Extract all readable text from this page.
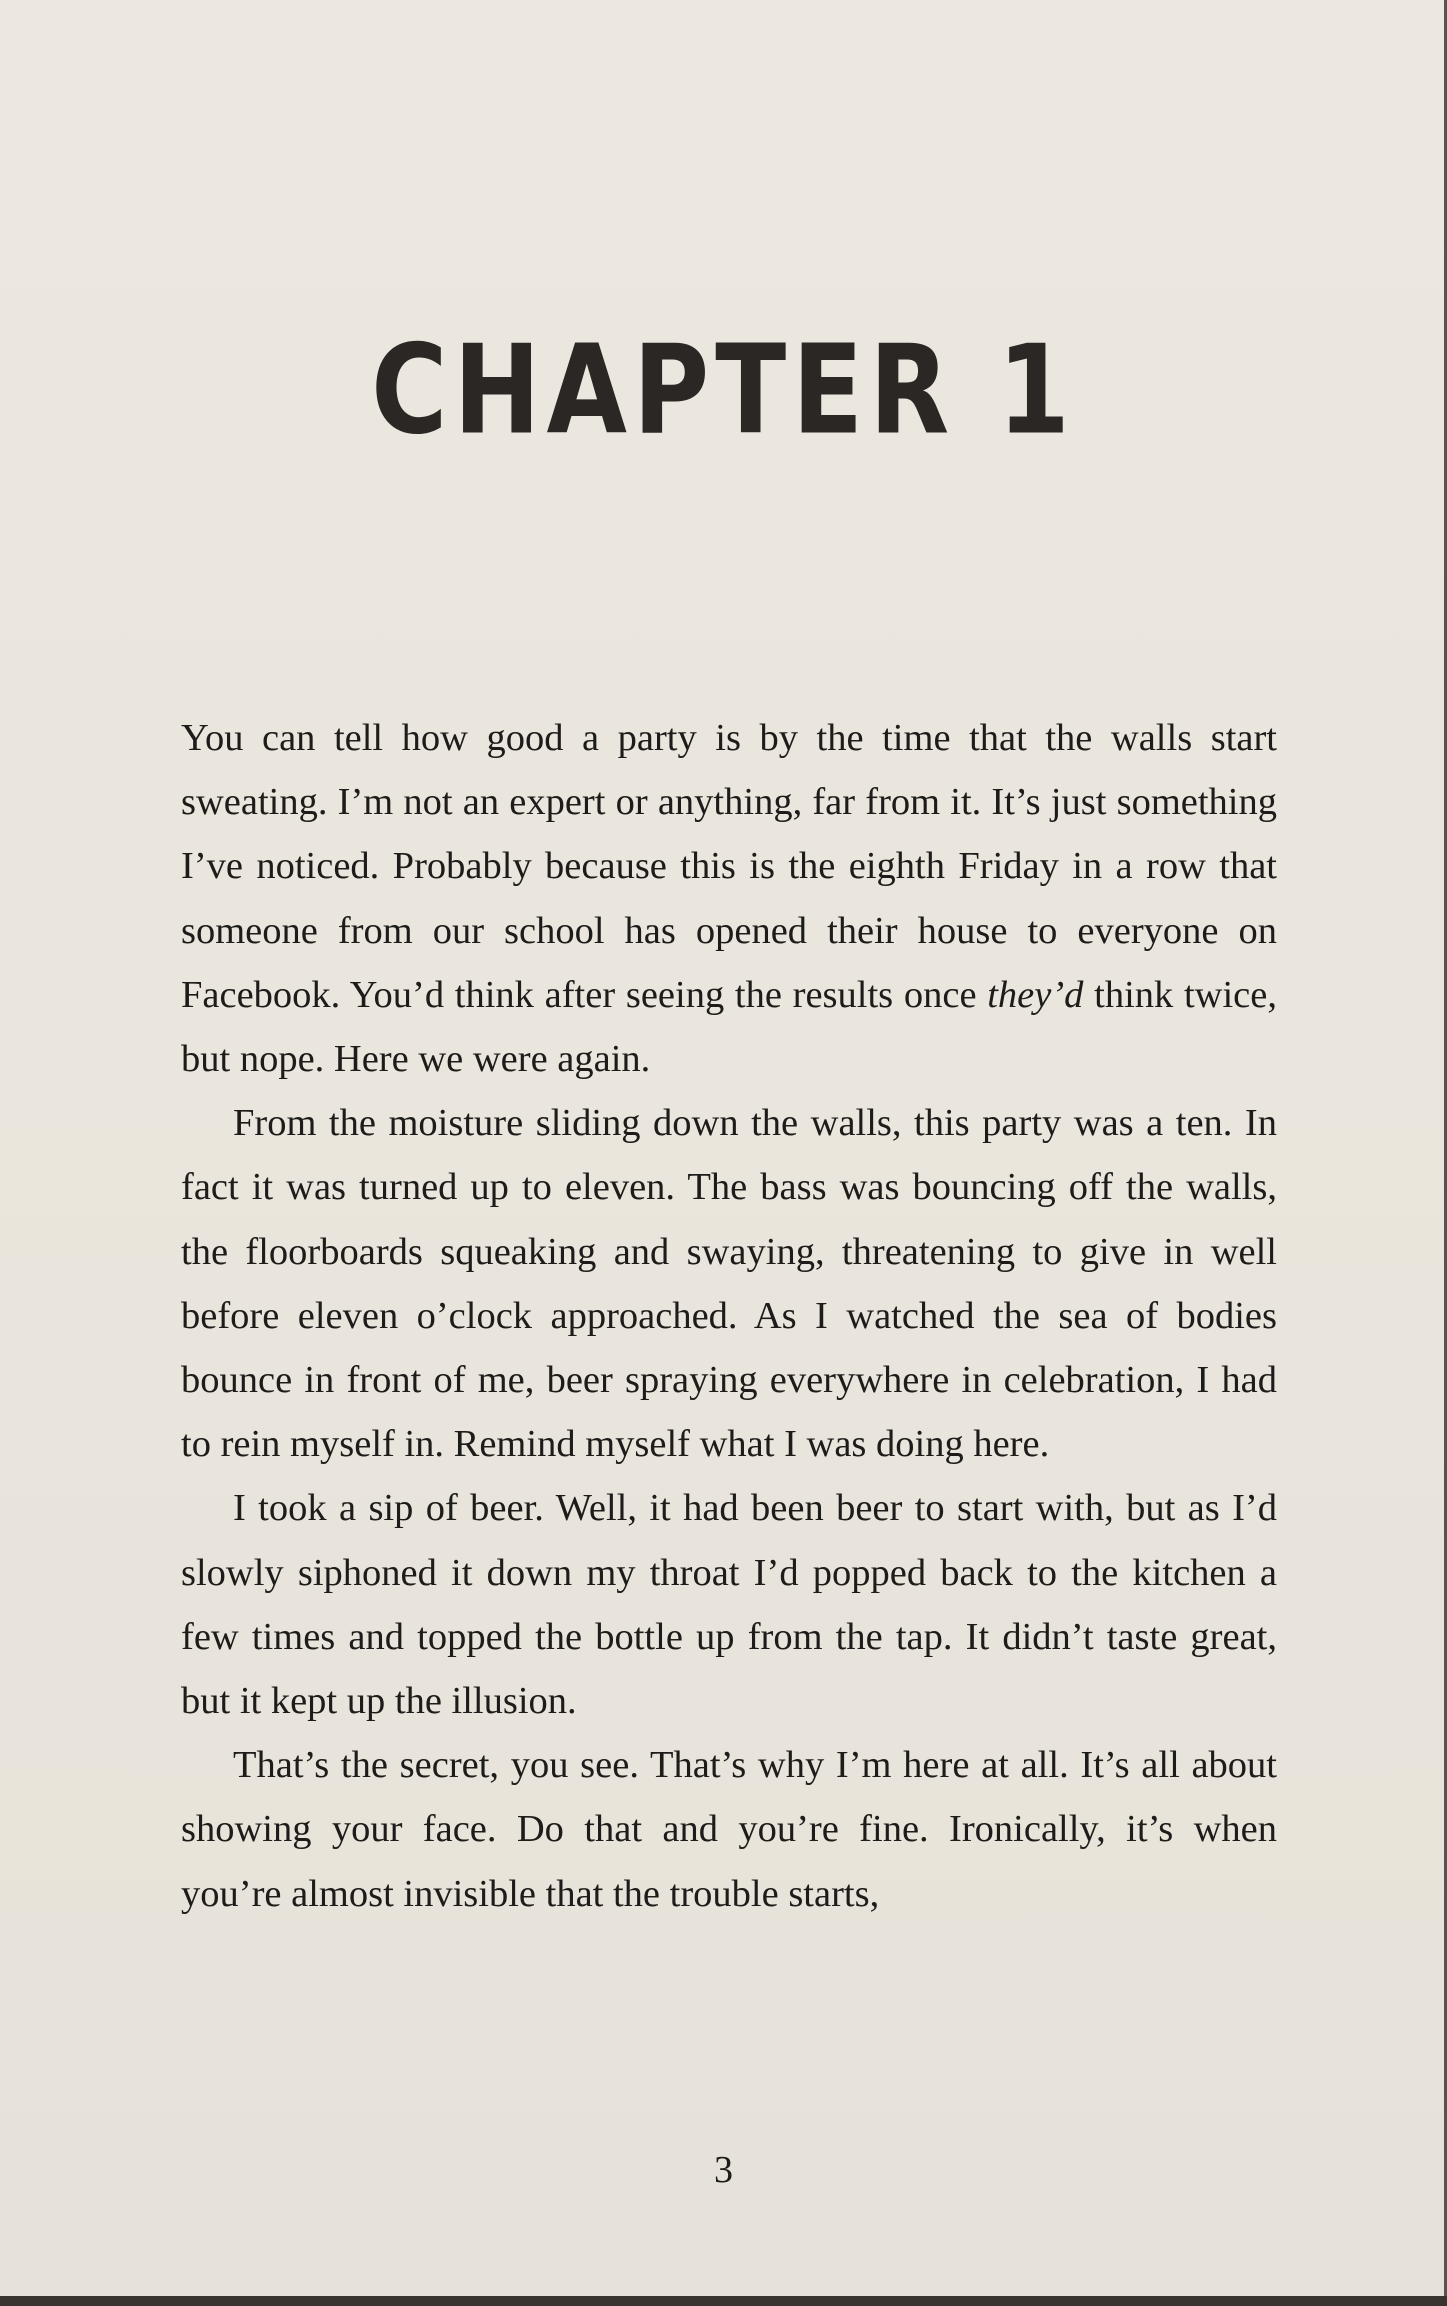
CHAPTER 1

You can tell how good a party is by the time that the walls start sweating. I’m not an expert or anything, far from it. It’s just something I’ve noticed. Probably because this is the eighth Friday in a row that someone from our school has opened their house to everyone on Facebook. You’d think after seeing the results once they’d think twice, but nope. Here we were again.

From the moisture sliding down the walls, this party was a ten. In fact it was turned up to eleven. The bass was bouncing off the walls, the floorboards squeaking and swaying, threatening to give in well before eleven o’clock approached. As I watched the sea of bodies bounce in front of me, beer spraying everywhere in celebration, I had to rein myself in. Remind myself what I was doing here.

I took a sip of beer. Well, it had been beer to start with, but as I’d slowly siphoned it down my throat I’d popped back to the kitchen a few times and topped the bottle up from the tap. It didn’t taste great, but it kept up the illusion.

That’s the secret, you see. That’s why I’m here at all. It’s all about showing your face. Do that and you’re fine. Ironically, it’s when you’re almost invisible that the trouble starts,

3
